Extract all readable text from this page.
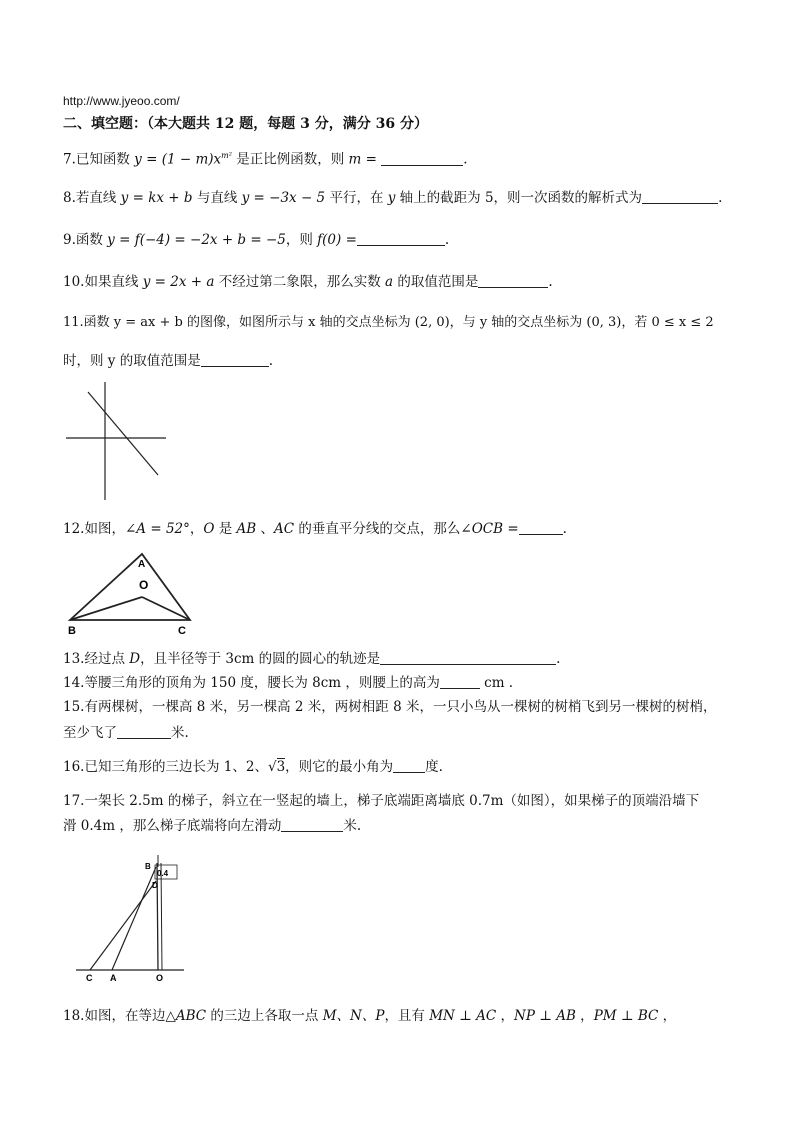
http://www.jyeoo.com/
二、填空题：（本大题共 12 题，每题 3 分，满分 36 分）
7.已知函数 $y = (1 - m)x^{m^2}$ 是正比例函数，则 m =	.
8.若直线 y = kx + b 与直线 y = −3x − 5 平行，在 y 轴上的截距为 5，则一次函数的解析式为	.
9.函数 y = f(−4) = −2x + b = −5，则 f(0) =	.
10.如果直线 y = 2x + a 不经过第二象限，那么实数 a 的取值范围是	.
11.函数 y = ax + b 的图像，如图所示与 x 轴的交点坐标为 (2, 0)，与 y 轴的交点坐标为 (0, 3)，若 0 ≤ x ≤ 2
时，则 y 的取值范围是	.
12.如图，∠A = 52°，O 是 AB 、AC 的垂直平分线的交点，那么∠OCB =	.
A
O
B	C
13.经过点 D，且半径等于 3cm 的圆的圆心的轨迹是	.
14.等腰三角形的顶角为 150 度，腰长为 8cm ，则腰上的高为	cm .
15.有两棵树，一棵高 8 米，另一棵高 2 米，两树相距 8 米，一只小鸟从一棵树的树梢飞到另一棵树的树梢，
至少飞了	米.
16.已知三角形的三边长为 1、2、√3，则它的最小角为 度.
17.一架长 2.5m 的梯子，斜立在一竖起的墙上，梯子底端距离墙底 0.7m（如图），如果梯子的顶端沿墙下
滑 0.4m ，那么梯子底端将向左滑动	米.
0.4
B
D
C A	O
18.如图，在等边△ABC 的三边上各取一点 M、N、P，且有 MN ⊥ AC ，NP ⊥ AB ，PM ⊥ BC ，
